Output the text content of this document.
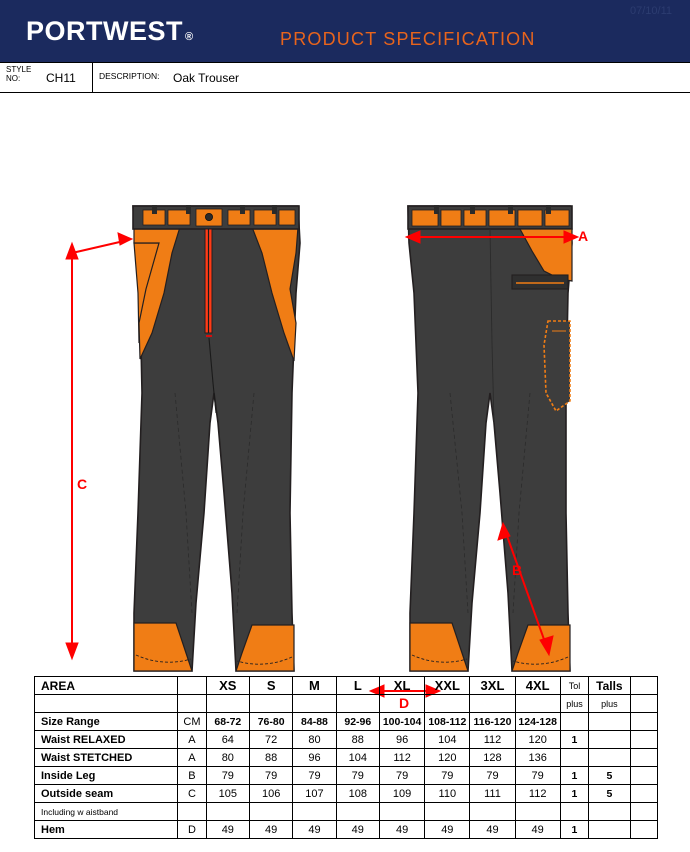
PORTWEST ®	PRODUCT SPECIFICATION
07/10/11
STYLE
NO:	CH11	DESCRIPTION:	Oak Trouser
C
A
B
D
AREA		XS	S	M	L	XL	XXL	3XL	4XL	Tol	Talls	
										plus	plus	
Size Range	CM	68-72	76-80	84-88	92-96	100-104	108-112	116-120	124-128			
Waist RELAXED	A	64	72	80	88	96	104	112	120	1		
Waist STETCHED	A	80	88	96	104	112	120	128	136			
Inside Leg	B	79	79	79	79	79	79	79	79	1	5	
Outside seam	C	105	106	107	108	109	110	111	112	1	5	
Including w aistband												
Hem	D	49	49	49	49	49	49	49	49	1		
